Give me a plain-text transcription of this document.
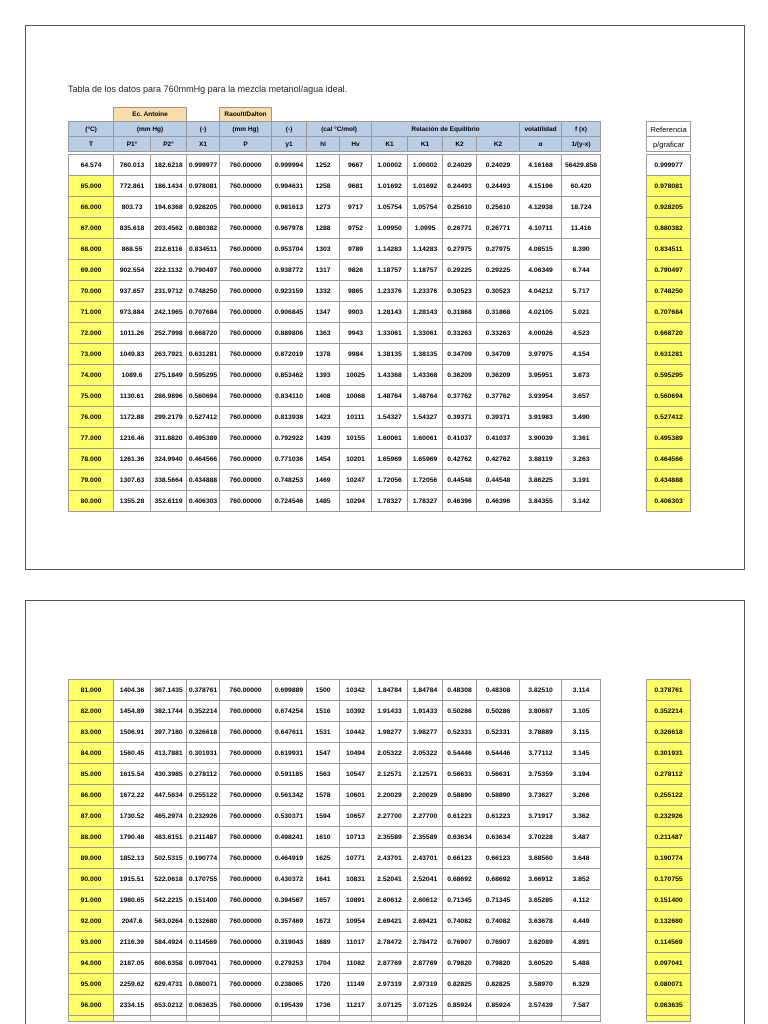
Tabla de los datos para 760mmHg para la mezcla metanol/agua ideal.
	Ec. Antoine			Raoult/Dalton											
(°C)	(mm Hg)		(-)	(mm Hg)	(-)	(cal °C/mol)		Relación de Equilibrio				volatilidad	f (x)		Referencia
T	P1°	P2°	X1	P	y1	hl	Hv	K1	K1	K2	K2	α	1/(y-x)		p/graficar

64.574	760.013	182.6218	0.999977	760.00000	0.999994	1252	9667	1.00002	1.00002	0.24029	0.24029	4.16168	56429.858		0.999977
65.000	772.861	186.1434	0.978081	760.00000	0.994631	1258	9681	1.01692	1.01692	0.24493	0.24493	4.15196	60.420		0.978081
66.000	803.73	194.6368	0.928205	760.00000	0.981613	1273	9717	1.05754	1.05754	0.25610	0.25610	4.12938	18.724		0.928205
67.000	835.618	203.4562	0.880382	760.00000	0.967978	1288	9752	1.09950	1.0995	0.26771	0.26771	4.10711	11.416		0.880382
68.000	868.55	212.6116	0.834511	760.00000	0.953704	1303	9789	1.14283	1.14283	0.27975	0.27975	4.08515	8.390		0.834511
69.000	902.554	222.1132	0.790497	760.00000	0.938772	1317	9826	1.18757	1.18757	0.29225	0.29225	4.06349	6.744		0.790497
70.000	937.657	231.9712	0.748250	760.00000	0.923159	1332	9865	1.23376	1.23376	0.30523	0.30523	4.04212	5.717		0.748250
71.000	973.884	242.1965	0.707684	760.00000	0.906845	1347	9903	1.28143	1.28143	0.31868	0.31868	4.02105	5.021		0.707684
72.000	1011.26	252.7998	0.668720	760.00000	0.889806	1363	9943	1.33061	1.33061	0.33263	0.33263	4.00026	4.523		0.668720
73.000	1049.83	263.7921	0.631281	760.00000	0.872019	1378	9984	1.38135	1.38135	0.34709	0.34709	3.97975	4.154		0.631281
74.000	1089.6	275.1849	0.595295	760.00000	0.853462	1393	10025	1.43368	1.43368	0.36209	0.36209	3.95951	3.873		0.595295
75.000	1130.61	286.9896	0.560694	760.00000	0.834110	1408	10068	1.48764	1.48764	0.37762	0.37762	3.93954	3.657		0.560694
76.000	1172.88	299.2179	0.527412	760.00000	0.813938	1423	10111	1.54327	1.54327	0.39371	0.39371	3.91983	3.490		0.527412
77.000	1216.46	311.8820	0.495389	760.00000	0.792922	1439	10155	1.60061	1.60061	0.41037	0.41037	3.90039	3.361		0.495389
78.000	1261.36	324.9940	0.464566	760.00000	0.771036	1454	10201	1.65969	1.65969	0.42762	0.42762	3.88119	3.263		0.464566
79.000	1307.63	338.5664	0.434888	760.00000	0.748253	1469	10247	1.72056	1.72056	0.44548	0.44548	3.86225	3.191		0.434888
80.000	1355.28	352.6119	0.406303	760.00000	0.724546	1485	10294	1.78327	1.78327	0.46396	0.46396	3.84355	3.142		0.406303
81.000	1404.36	367.1435	0.378761	760.00000	0.699889	1500	10342	1.84784	1.84784	0.48308	0.48308	3.82510	3.114		0.378761
82.000	1454.89	382.1744	0.352214	760.00000	0.674254	1516	10392	1.91433	1.91433	0.50286	0.50286	3.80687	3.105		0.352214
83.000	1506.91	397.7180	0.326618	760.00000	0.647611	1531	10442	1.98277	1.98277	0.52331	0.52331	3.78889	3.115		0.326618
84.000	1560.45	413.7881	0.301931	760.00000	0.619931	1547	10494	2.05322	2.05322	0.54446	0.54446	3.77112	3.145		0.301931
85.000	1615.54	430.3985	0.278112	760.00000	0.591185	1563	10547	2.12571	2.12571	0.56631	0.56631	3.75359	3.194		0.278112
86.000	1672.22	447.5634	0.255122	760.00000	0.561342	1578	10601	2.20029	2.20029	0.58890	0.58890	3.73627	3.266		0.255122
87.000	1730.52	465.2974	0.232926	760.00000	0.530371	1594	10657	2.27700	2.27700	0.61223	0.61223	3.71917	3.362		0.232926
88.000	1790.48	483.6151	0.211487	760.00000	0.498241	1610	10713	2.35589	2.35589	0.63634	0.63634	3.70228	3.487		0.211487
89.000	1852.13	502.5315	0.190774	760.00000	0.464919	1625	10771	2.43701	2.43701	0.66123	0.66123	3.68560	3.648		0.190774
90.000	1915.51	522.0618	0.170755	760.00000	0.430372	1641	10831	2.52041	2.52041	0.68692	0.68692	3.66912	3.852		0.170755
91.000	1980.65	542.2215	0.151400	760.00000	0.394567	1657	10891	2.60612	2.60612	0.71345	0.71345	3.65285	4.112		0.151400
92.000	2047.6	563.0264	0.132680	760.00000	0.357469	1673	10954	2.69421	2.69421	0.74082	0.74082	3.63678	4.449		0.132680
93.000	2116.39	584.4924	0.114569	760.00000	0.319043	1689	11017	2.78472	2.78472	0.76907	0.76907	3.62089	4.891		0.114569
94.000	2187.05	606.6358	0.097041	760.00000	0.279253	1704	11082	2.87769	2.87769	0.79820	0.79820	3.60520	5.488		0.097041
95.000	2259.62	629.4731	0.080071	760.00000	0.238065	1720	11149	2.97319	2.97319	0.82825	0.82825	3.58970	6.329		0.080071
96.000	2334.15	653.0212	0.063635	760.00000	0.195439	1736	11217	3.07125	3.07125	0.85924	0.85924	3.57439	7.587		0.063635
